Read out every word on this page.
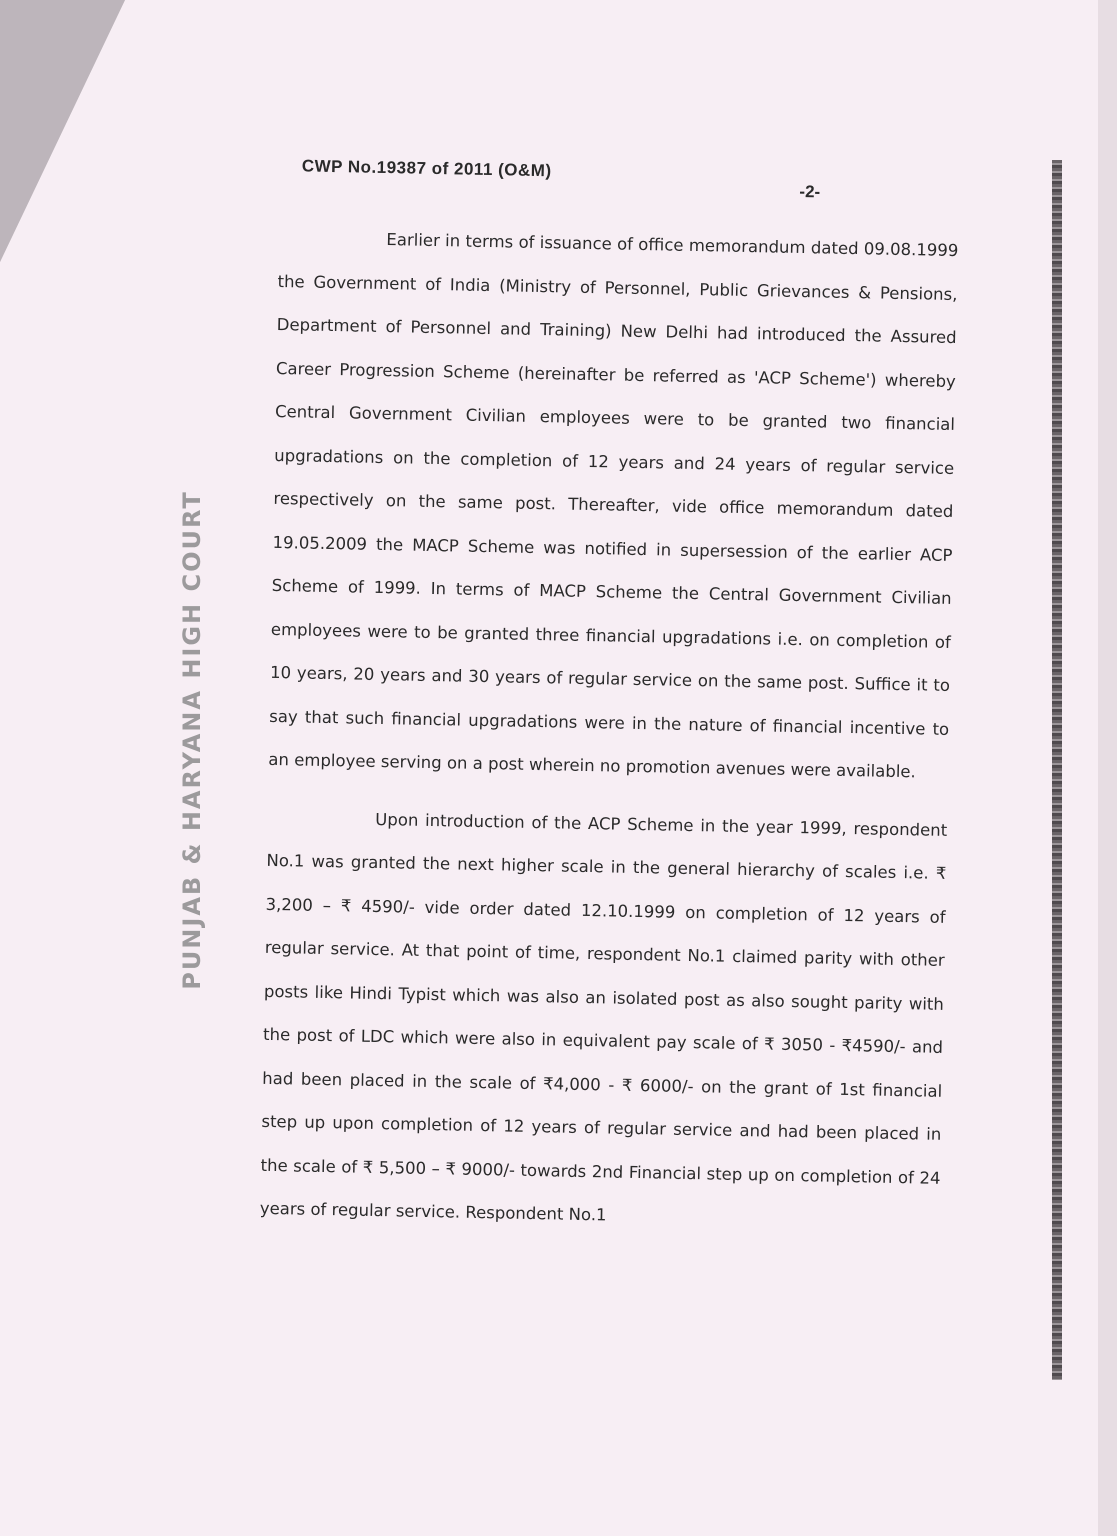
PUNJAB & HARYANA HIGH COURT
CWP No.19387 of 2011 (O&M)
-2-

Earlier in terms of issuance of office memorandum dated 09.08.1999 the Government of India (Ministry of Personnel, Public Grievances & Pensions, Department of Personnel and Training) New Delhi had introduced the Assured Career Progression Scheme (hereinafter be referred as 'ACP Scheme') whereby Central Government Civilian employees were to be granted two financial upgradations on the completion of 12 years and 24 years of regular service respectively on the same post. Thereafter, vide office memorandum dated 19.05.2009 the MACP Scheme was notified in supersession of the earlier ACP Scheme of 1999. In terms of MACP Scheme the Central Government Civilian employees were to be granted three financial upgradations i.e. on completion of 10 years, 20 years and 30 years of regular service on the same post. Suffice it to say that such financial upgradations were in the nature of financial incentive to an employee serving on a post wherein no promotion avenues were available.

Upon introduction of the ACP Scheme in the year 1999, respondent No.1 was granted the next higher scale in the general hierarchy of scales i.e. ₹ 3,200 – ₹ 4590/- vide order dated 12.10.1999 on completion of 12 years of regular service. At that point of time, respondent No.1 claimed parity with other posts like Hindi Typist which was also an isolated post as also sought parity with the post of LDC which were also in equivalent pay scale of ₹ 3050 - ₹4590/- and had been placed in the scale of ₹4,000 - ₹ 6000/- on the grant of 1st financial step up upon completion of 12 years of regular service and had been placed in the scale of ₹ 5,500 – ₹ 9000/- towards 2nd Financial step up on completion of 24 years of regular service. Respondent No.1
